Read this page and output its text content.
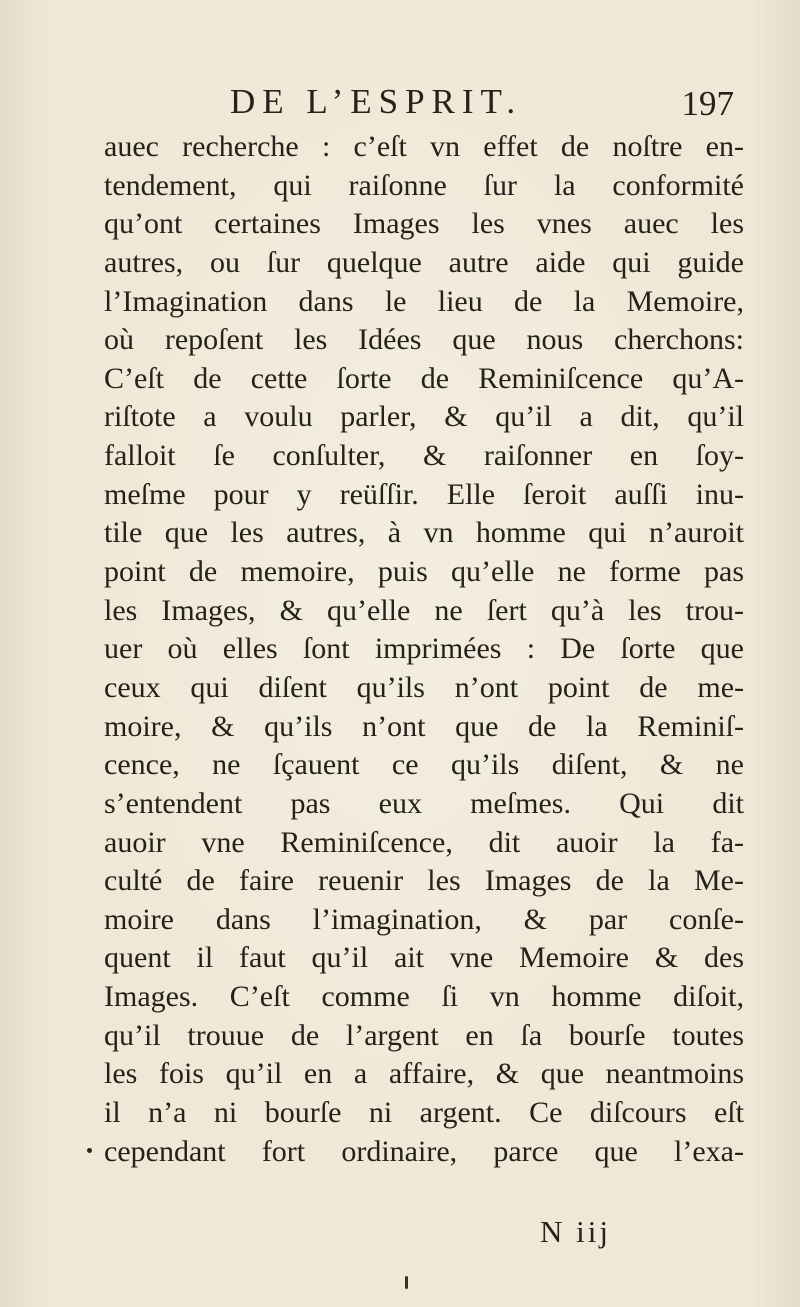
DE L’ESPRIT.	197
auec recherche : c’eſt vn effet de noſtre en-
tendement, qui raiſonne ſur la conformité
qu’ont certaines Images les vnes auec les
autres, ou ſur quelque autre aide qui guide
l’Imagination dans le lieu de la Memoire,
où repoſent les Idées que nous cherchons:
C’eſt de cette ſorte de Reminiſcence qu’A-
riſtote a voulu parler, & qu’il a dit, qu’il
falloit ſe conſulter, & raiſonner en ſoy-
meſme pour y reüſſir. Elle ſeroit auſſi inu-
tile que les autres, à vn homme qui n’auroit
point de memoire, puis qu’elle ne forme pas
les Images, & qu’elle ne ſert qu’à les trou-
uer où elles ſont imprimées : De ſorte que
ceux qui diſent qu’ils n’ont point de me-
moire, & qu’ils n’ont que de la Reminiſ-
cence, ne ſçauent ce qu’ils diſent, & ne
s’entendent pas eux meſmes. Qui dit
auoir vne Reminiſcence, dit auoir la fa-
culté de faire reuenir les Images de la Me-
moire dans l’imagination, & par conſe-
quent il faut qu’il ait vne Memoire & des
Images. C’eſt comme ſi vn homme diſoit,
qu’il trouue de l’argent en ſa bourſe toutes
les fois qu’il en a affaire, & que neantmoins
il n’a ni bourſe ni argent. Ce diſcours eſt
cependant fort ordinaire, parce que l’exa-
N iij
